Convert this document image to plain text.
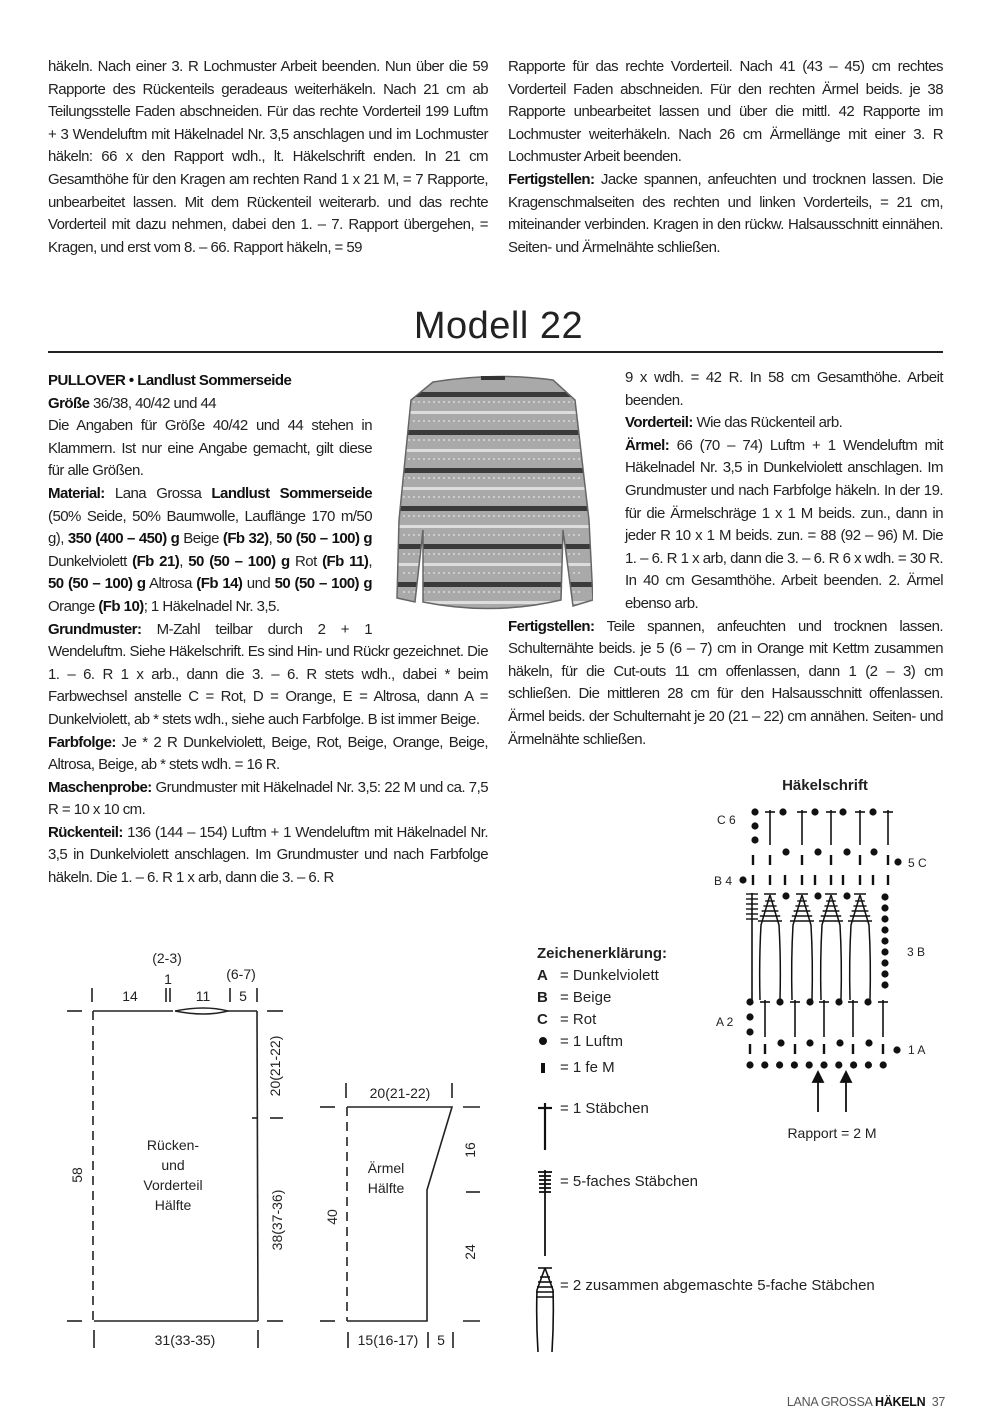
häkeln. Nach einer 3. R Lochmuster Arbeit beenden. Nun über die 59 Rapporte des Rückenteils geradeaus weiterhäkeln. Nach 21 cm ab Teilungsstelle Faden abschneiden. Für das rechte Vorderteil 199 Luftm + 3 Wendeluftm mit Häkelnadel Nr. 3,5 anschlagen und im Lochmuster häkeln: 66 x den Rapport wdh., lt. Häkelschrift enden. In 21 cm Gesamthöhe für den Kragen am rechten Rand 1 x 21 M, = 7 Rapporte, unbearbeitet lassen. Mit dem Rückenteil weiterarb. und das rechte Vorderteil mit dazu nehmen, dabei den 1. – 7. Rapport übergehen, = Kragen, und erst vom 8. – 66. Rapport häkeln, = 59

Rapporte für das rechte Vorderteil. Nach 41 (43 – 45) cm rechtes Vorderteil Faden abschneiden. Für den rechten Ärmel beids. je 38 Rapporte unbearbeitet lassen und über die mittl. 42 Rapporte im Lochmuster weiterhäkeln. Nach 26 cm Ärmellänge mit einer 3. R Lochmuster Arbeit beenden.

Fertigstellen: Jacke spannen, anfeuchten und trocknen lassen. Die Kragenschmalseiten des rechten und linken Vorderteils, = 21 cm, miteinander verbinden. Kragen in den rückw. Halsausschnitt einnähen. Seiten- und Ärmelnähte schließen.

Modell 22

PULLOVER • Landlust Sommerseide

Größe 36/38, 40/42 und 44

Die Angaben für Größe 40/42 und 44 stehen in Klammern. Ist nur eine Angabe gemacht, gilt diese für alle Größen.

Material: Lana Grossa Landlust Sommerseide (50% Seide, 50% Baumwolle, Lauflänge 170 m/50 g), 350 (400 – 450) g Beige (Fb 32), 50 (50 – 100) g Dunkelviolett (Fb 21), 50 (50 – 100) g Rot (Fb 11), 50 (50 – 100) g Altrosa (Fb 14) und 50 (50 – 100) g Orange (Fb 10); 1 Häkelnadel Nr. 3,5.

Grundmuster: M-Zahl teilbar durch 2 + 1 Wendeluftm. Siehe Häkelschrift. Es sind Hin- und Rückr gezeichnet. Die 1. – 6. R 1 x arb., dann die 3. – 6. R stets wdh., dabei * beim Farbwechsel anstelle C = Rot, D = Orange, E = Altrosa, dann A = Dunkelviolett, ab * stets wdh., siehe auch Farbfolge. B ist immer Beige.

Farbfolge: Je * 2 R Dunkelviolett, Beige, Rot, Beige, Orange, Beige, Altrosa, Beige, ab * stets wdh. = 16 R.

Maschenprobe: Grundmuster mit Häkelnadel Nr. 3,5: 22 M und ca. 7,5 R = 10 x 10 cm.

Rückenteil: 136 (144 – 154) Luftm + 1 Wendeluftm mit Häkelnadel Nr. 3,5 in Dunkelviolett anschlagen. Im Grundmuster und nach Farbfolge häkeln. Die 1. – 6. R 1 x arb, dann die 3. – 6. R

9 x wdh. = 42 R. In 58 cm Gesamthöhe. Arbeit beenden.

Vorderteil: Wie das Rückenteil arb.

Ärmel: 66 (70 – 74) Luftm + 1 Wendeluftm mit Häkelnadel Nr. 3,5 in Dunkelviolett anschlagen. Im Grundmuster und nach Farbfolge häkeln. In der 19. für die Ärmelschräge 1 x 1 M beids. zun., dann in jeder R 10 x 1 M beids. zun. = 88 (92 – 96) M. Die 1. – 6. R 1 x arb, dann die 3. – 6. R 6 x wdh. = 30 R. In 40 cm Gesamthöhe. Arbeit beenden. 2. Ärmel ebenso arb.

Fertigstellen: Teile spannen, anfeuchten und trocknen lassen. Schulternähte beids. je 5 (6 – 7) cm in Orange mit Kettm zusammen häkeln, für die Cut-outs 11 cm offenlassen, dann 1 (2 – 3) cm schließen. Die mittleren 28 cm für den Halsausschnitt offenlassen. Ärmel beids. der Schulternaht je 20 (21 – 22) cm annähen. Seiten- und Ärmelnähte schließen.

(2-3)
1	(6-7)
14	11 5
20(21-22)
38(37-36)
58
31(33-35)
Rücken-
und
Vorderteil
Hälfte
20(21-22)
16
24
40
15(16-17) 5
Ärmel
Hälfte
Zeichenerklärung:
A = Dunkelviolett
B = Beige
C = Rot
= 1 Luftm
= 1 fe M
= 1 Stäbchen
= 5-faches Stäbchen
= 2 zusammen abgemaschte 5-fache Stäbchen
Häkelschrift
C 6
5 C
B 4
3 B
A 2
1 A
Rapport = 2 M
LANA GROSSA HÄKELN 37
